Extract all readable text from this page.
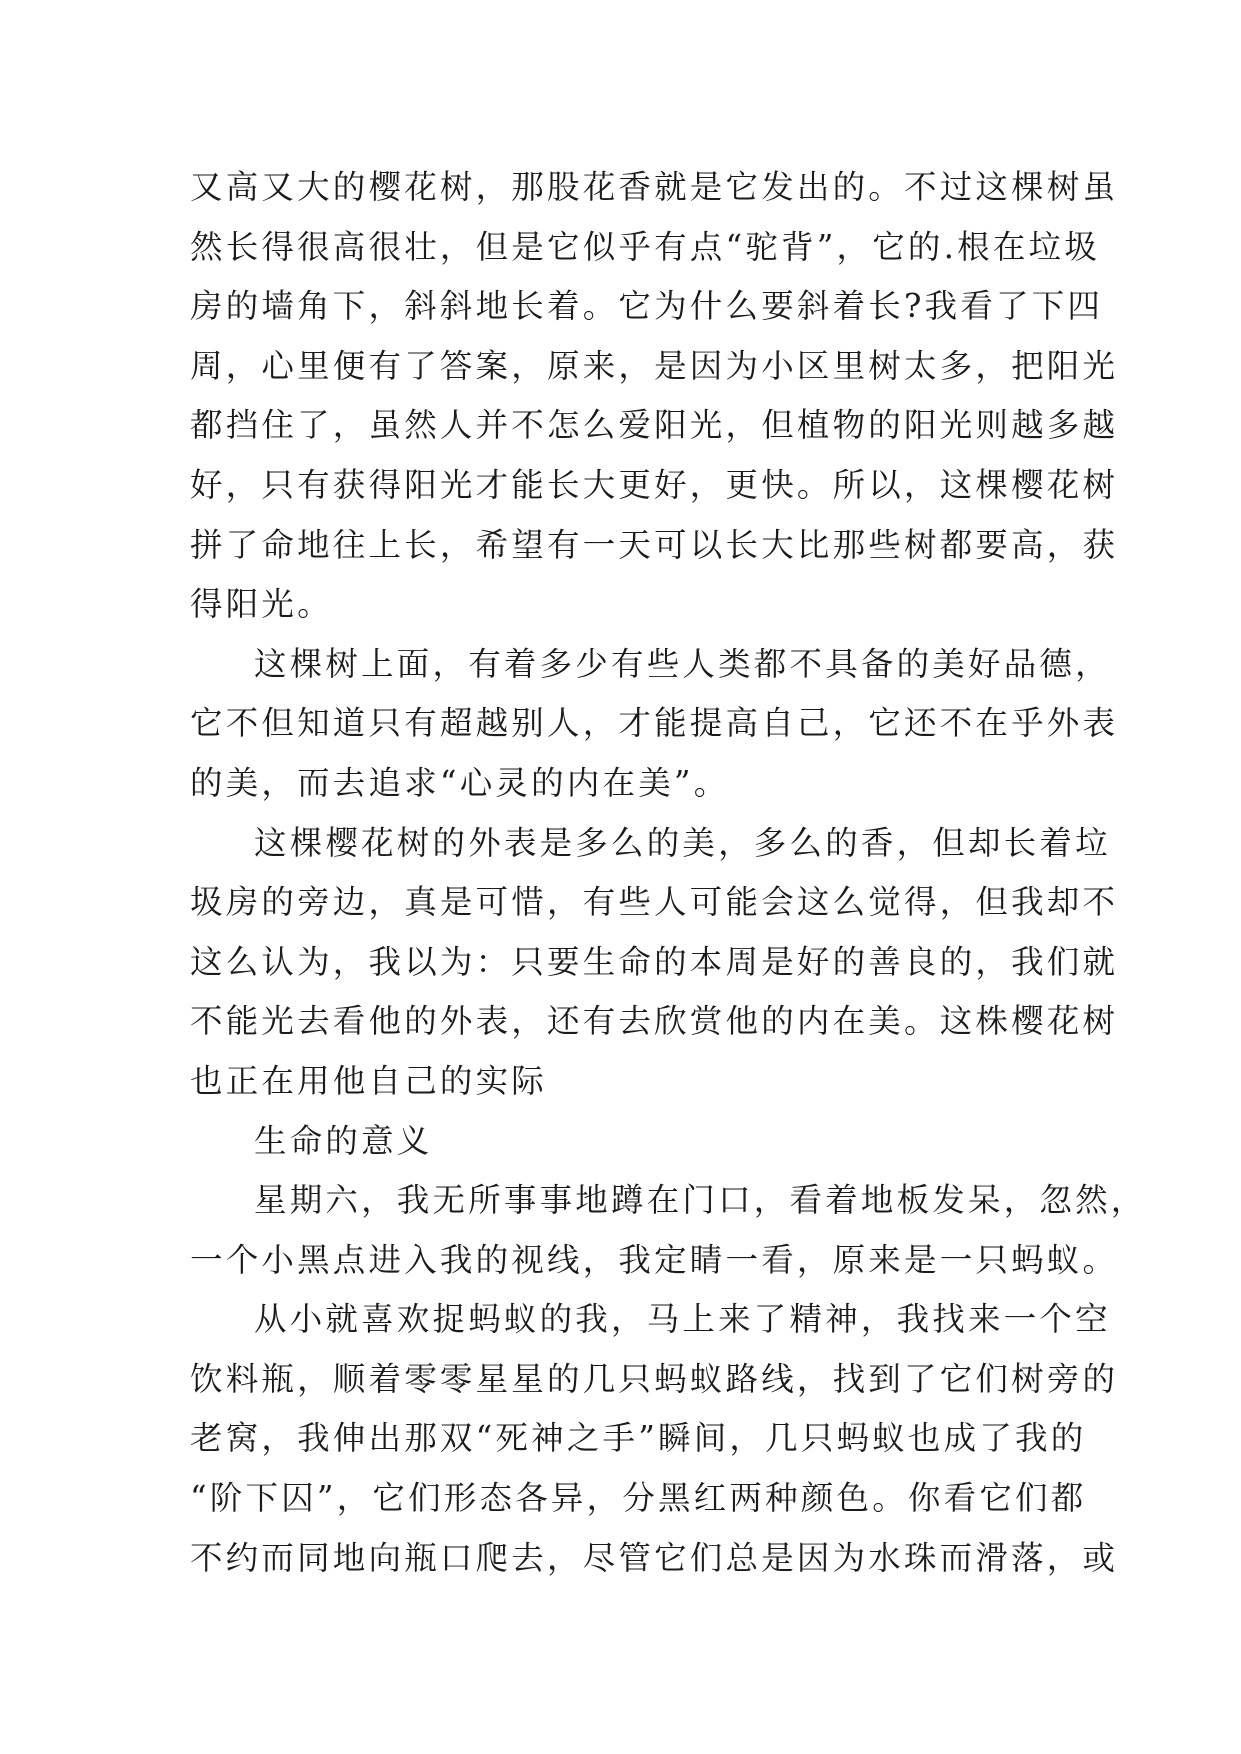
又高又大的樱花树，那股花香就是它发出的。不过这棵树虽
然长得很高很壮，但是它似乎有点“驼背”，它的.根在垃圾
房的墙角下，斜斜地长着。它为什么要斜着长?我看了下四
周，心里便有了答案，原来，是因为小区里树太多，把阳光
都挡住了，虽然人并不怎么爱阳光，但植物的阳光则越多越
好，只有获得阳光才能长大更好，更快。所以，这棵樱花树
拼了命地往上长，希望有一天可以长大比那些树都要高，获
得阳光。
这棵树上面，有着多少有些人类都不具备的美好品德，
它不但知道只有超越别人，才能提高自己，它还不在乎外表
的美，而去追求“心灵的内在美”。
这棵樱花树的外表是多么的美，多么的香，但却长着垃
圾房的旁边，真是可惜，有些人可能会这么觉得，但我却不
这么认为，我以为：只要生命的本周是好的善良的，我们就
不能光去看他的外表，还有去欣赏他的内在美。这株樱花树
也正在用他自己的实际
生命的意义
星期六，我无所事事地蹲在门口，看着地板发呆，忽然，
一个小黑点进入我的视线，我定睛一看，原来是一只蚂蚁。
从小就喜欢捉蚂蚁的我，马上来了精神，我找来一个空
饮料瓶，顺着零零星星的几只蚂蚁路线，找到了它们树旁的
老窝，我伸出那双“死神之手”瞬间，几只蚂蚁也成了我的
“阶下囚”，它们形态各异，分黑红两种颜色。你看它们都
不约而同地向瓶口爬去，尽管它们总是因为水珠而滑落，或
